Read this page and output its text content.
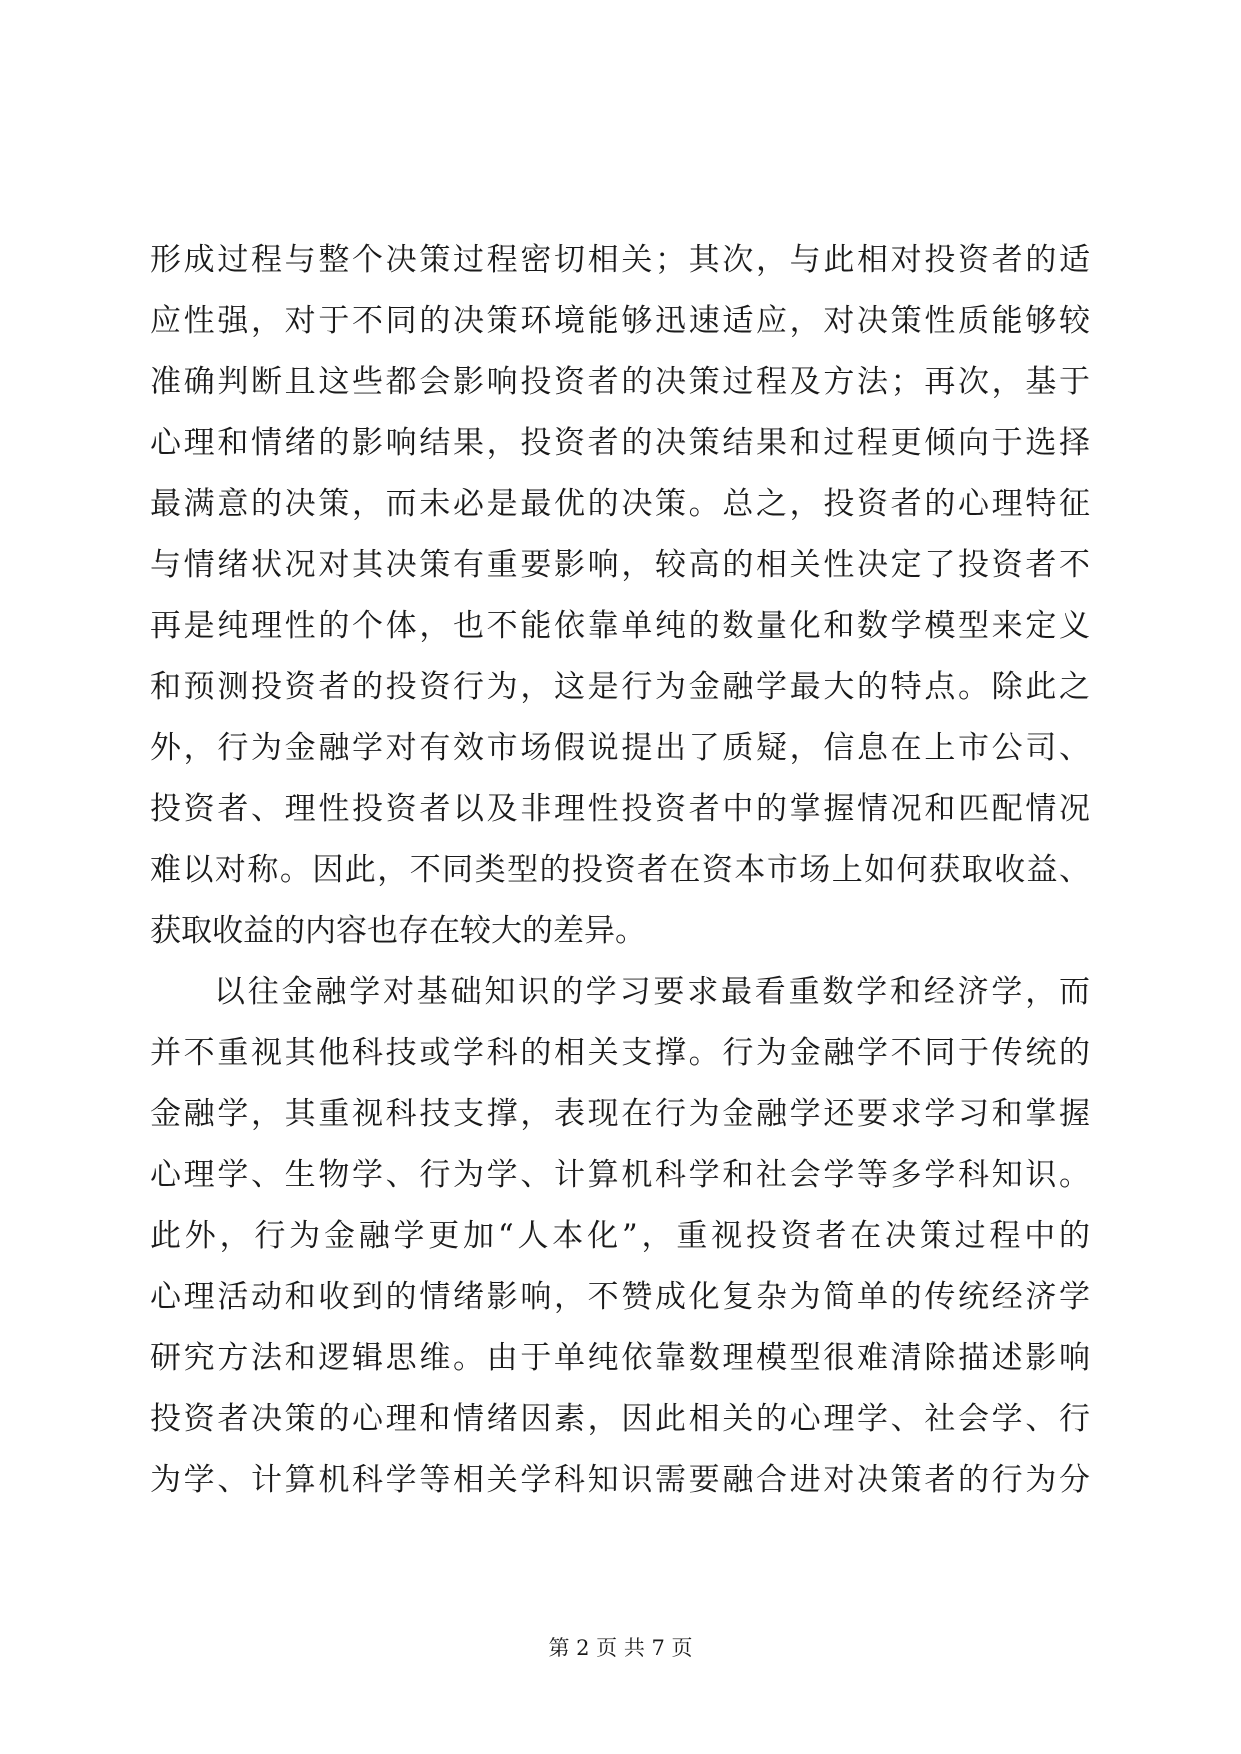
形成过程与整个决策过程密切相关；其次，与此相对投资者的适
应性强，对于不同的决策环境能够迅速适应，对决策性质能够较
准确判断且这些都会影响投资者的决策过程及方法；再次，基于
心理和情绪的影响结果，投资者的决策结果和过程更倾向于选择
最满意的决策，而未必是最优的决策。总之，投资者的心理特征
与情绪状况对其决策有重要影响，较高的相关性决定了投资者不
再是纯理性的个体，也不能依靠单纯的数量化和数学模型来定义
和预测投资者的投资行为，这是行为金融学最大的特点。除此之
外，行为金融学对有效市场假说提出了质疑，信息在上市公司、
投资者、理性投资者以及非理性投资者中的掌握情况和匹配情况
难以对称。因此，不同类型的投资者在资本市场上如何获取收益、
获取收益的内容也存在较大的差异。
以往金融学对基础知识的学习要求最看重数学和经济学，而
并不重视其他科技或学科的相关支撑。行为金融学不同于传统的
金融学，其重视科技支撑，表现在行为金融学还要求学习和掌握
心理学、生物学、行为学、计算机科学和社会学等多学科知识。
此外，行为金融学更加“人本化”，重视投资者在决策过程中的
心理活动和收到的情绪影响，不赞成化复杂为简单的传统经济学
研究方法和逻辑思维。由于单纯依靠数理模型很难清除描述影响
投资者决策的心理和情绪因素，因此相关的心理学、社会学、行
为学、计算机科学等相关学科知识需要融合进对决策者的行为分
第 2 页 共 7 页
